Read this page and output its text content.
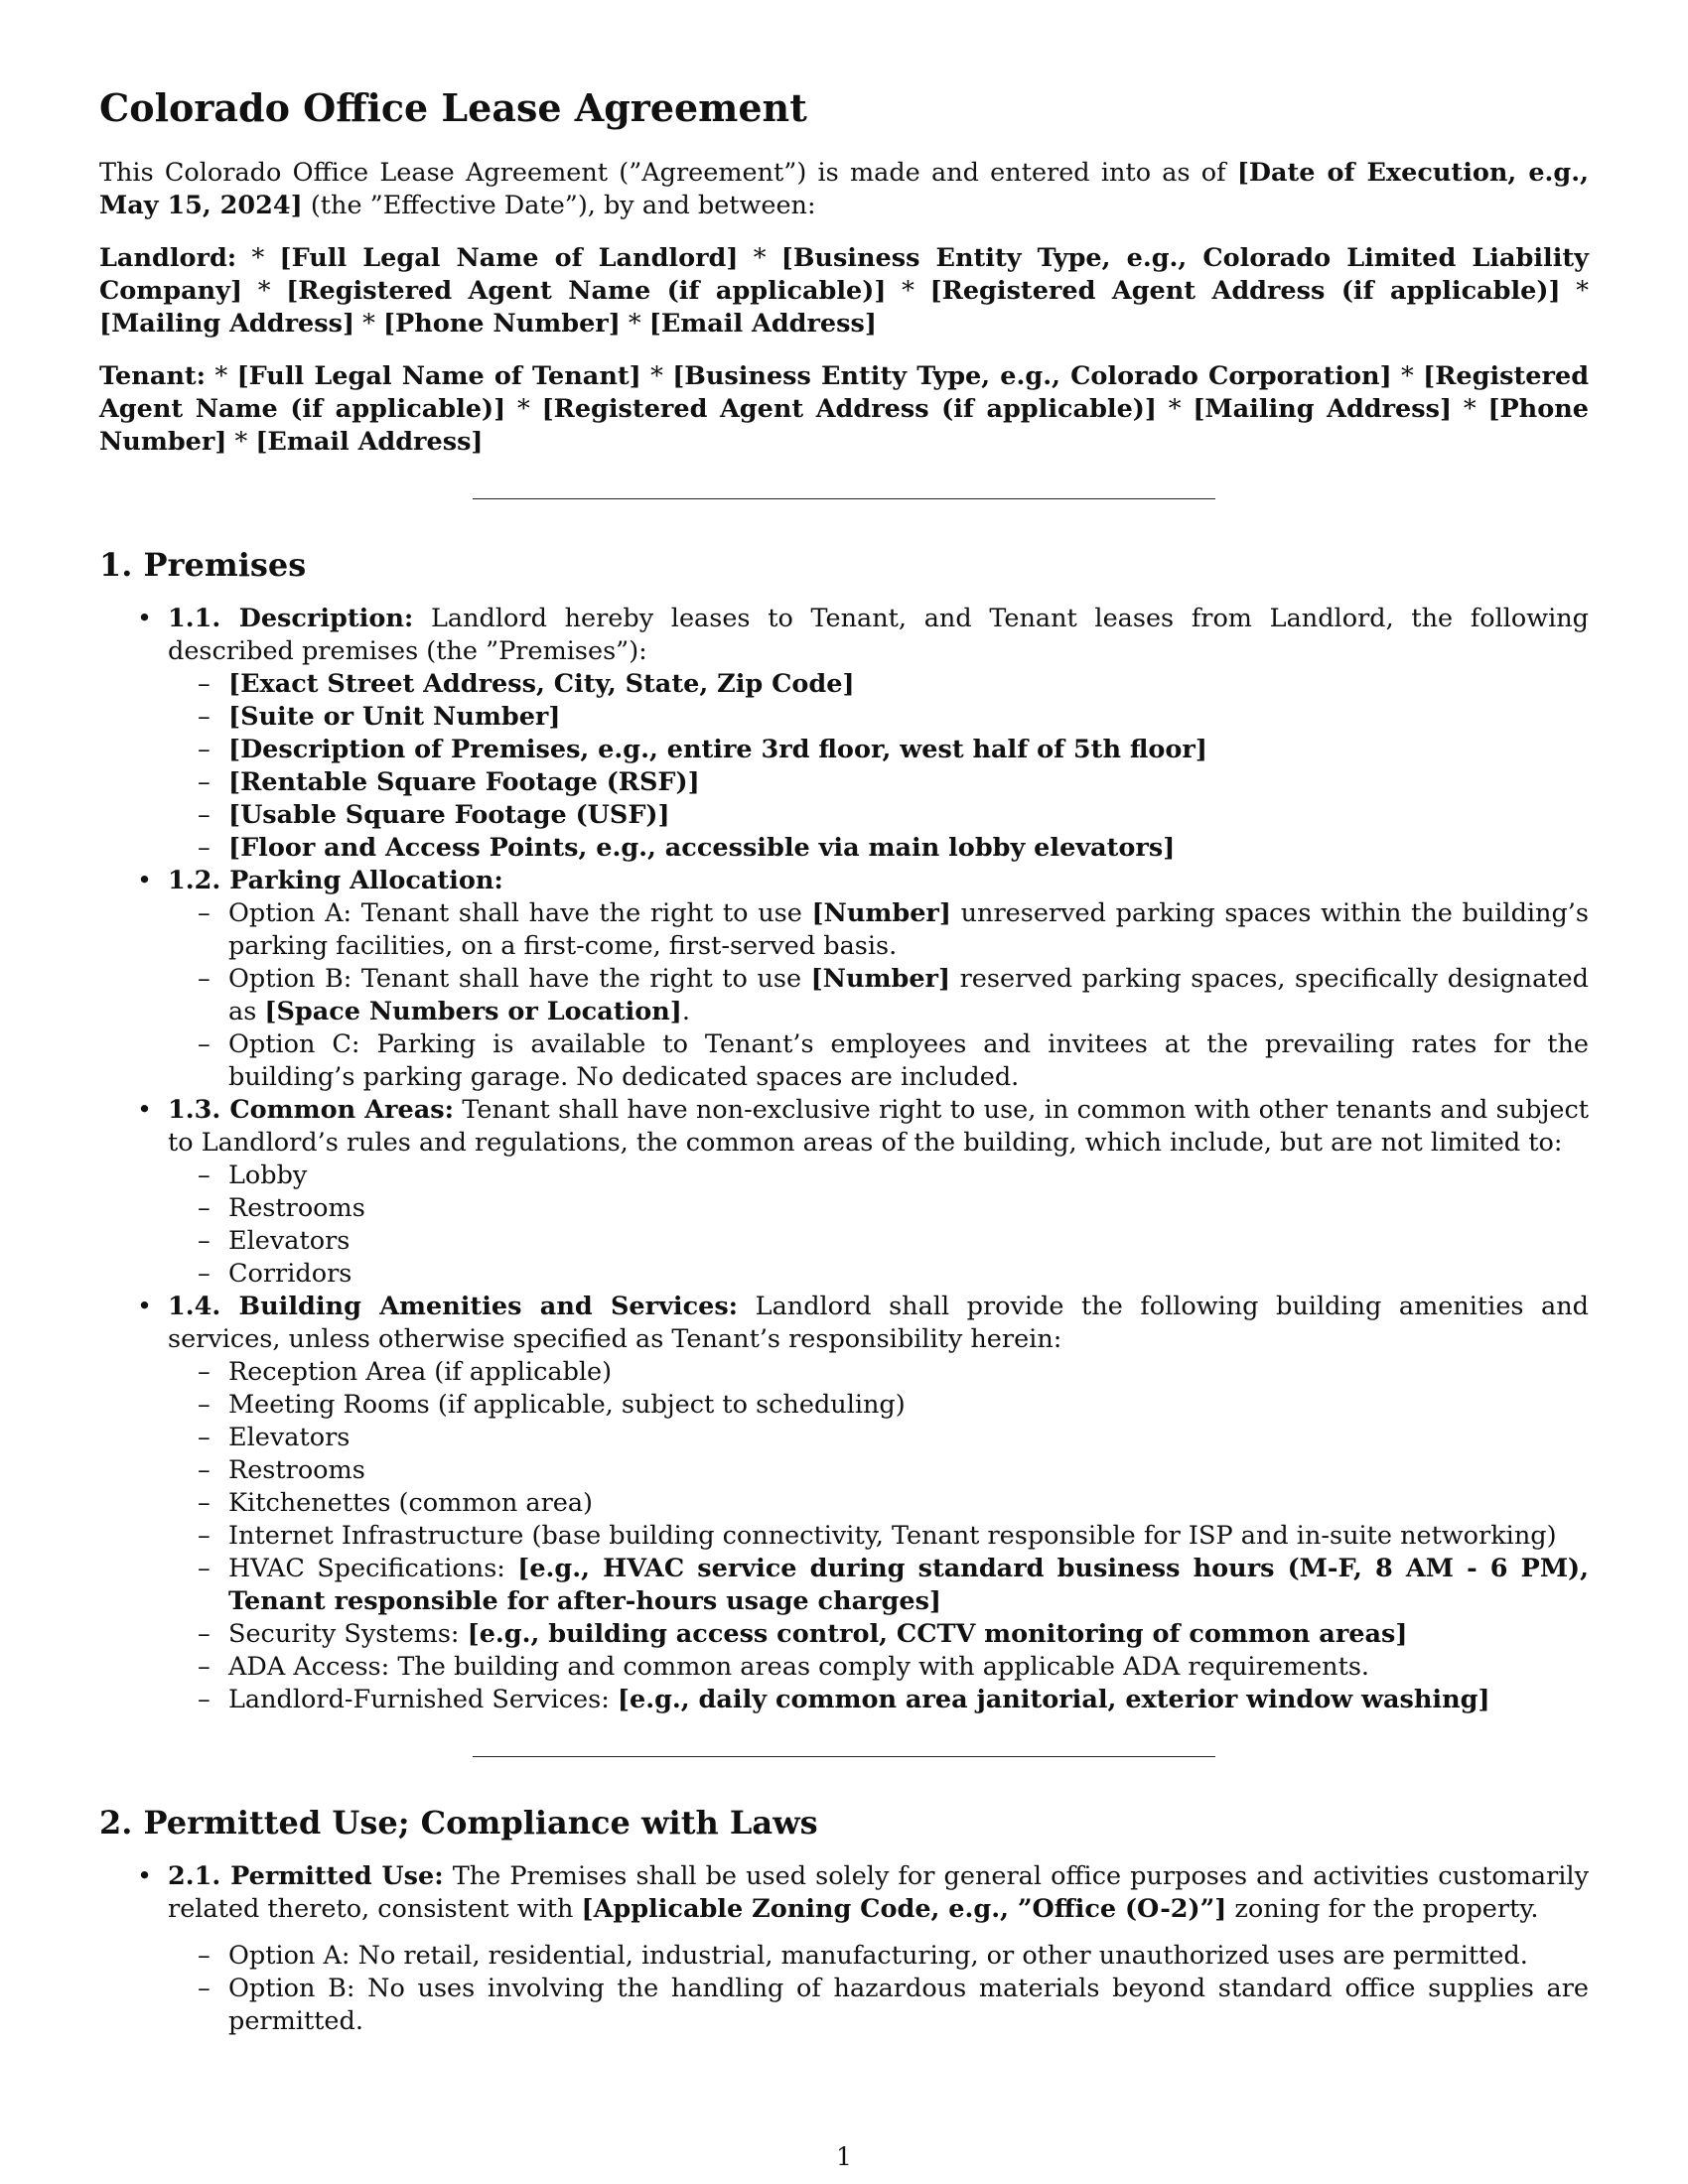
Colorado Office Lease Agreement

This Colorado Office Lease Agreement (”Agreement”) is made and entered into as of [Date of Execution, e.g., May 15, 2024] (the ”Effective Date”), by and between:

Landlord: * [Full Legal Name of Landlord] * [Business Entity Type, e.g., Colorado Limited Liability Company] * [Registered Agent Name (if applicable)] * [Registered Agent Address (if applicable)] * [Mailing Address] * [Phone Number] * [Email Address]

Tenant: * [Full Legal Name of Tenant] * [Business Entity Type, e.g., Colorado Corporation] * [Registered Agent Name (if applicable)] * [Registered Agent Address (if applicable)] * [Mailing Address] * [Phone Number] * [Email Address]

1. Premises
• 1.1. Description: Landlord hereby leases to Tenant, and Tenant leases from Landlord, the following described premises (the ”Premises”):
– [Exact Street Address, City, State, Zip Code]
– [Suite or Unit Number]
– [Description of Premises, e.g., entire 3rd floor, west half of 5th floor]
– [Rentable Square Footage (RSF)]
– [Usable Square Footage (USF)]
– [Floor and Access Points, e.g., accessible via main lobby elevators]
• 1.2. Parking Allocation:
– Option A: Tenant shall have the right to use [Number] unreserved parking spaces within the building’s parking facilities, on a first-come, first-served basis.
– Option B: Tenant shall have the right to use [Number] reserved parking spaces, specifically designated as [Space Numbers or Location].
– Option C: Parking is available to Tenant’s employees and invitees at the prevailing rates for the building’s parking garage. No dedicated spaces are included.
• 1.3. Common Areas: Tenant shall have non-exclusive right to use, in common with other tenants and subject to Landlord’s rules and regulations, the common areas of the building, which include, but are not limited to:
– Lobby
– Restrooms
– Elevators
– Corridors
• 1.4. Building Amenities and Services: Landlord shall provide the following building amenities and services, unless otherwise specified as Tenant’s responsibility herein:
– Reception Area (if applicable)
– Meeting Rooms (if applicable, subject to scheduling)
– Elevators
– Restrooms
– Kitchenettes (common area)
– Internet Infrastructure (base building connectivity, Tenant responsible for ISP and in-suite networking)
– HVAC Specifications: [e.g., HVAC service during standard business hours (M-F, 8 AM - 6 PM), Tenant responsible for after-hours usage charges]
– Security Systems: [e.g., building access control, CCTV monitoring of common areas]
– ADA Access: The building and common areas comply with applicable ADA requirements.
– Landlord-Furnished Services: [e.g., daily common area janitorial, exterior window washing]
2. Permitted Use; Compliance with Laws
• 2.1. Permitted Use: The Premises shall be used solely for general office purposes and activities customarily related thereto, consistent with [Applicable Zoning Code, e.g., ”Office (O-2)”] zoning for the property.
– Option A: No retail, residential, industrial, manufacturing, or other unauthorized uses are permitted.
– Option B: No uses involving the handling of hazardous materials beyond standard office supplies are permitted.
1
